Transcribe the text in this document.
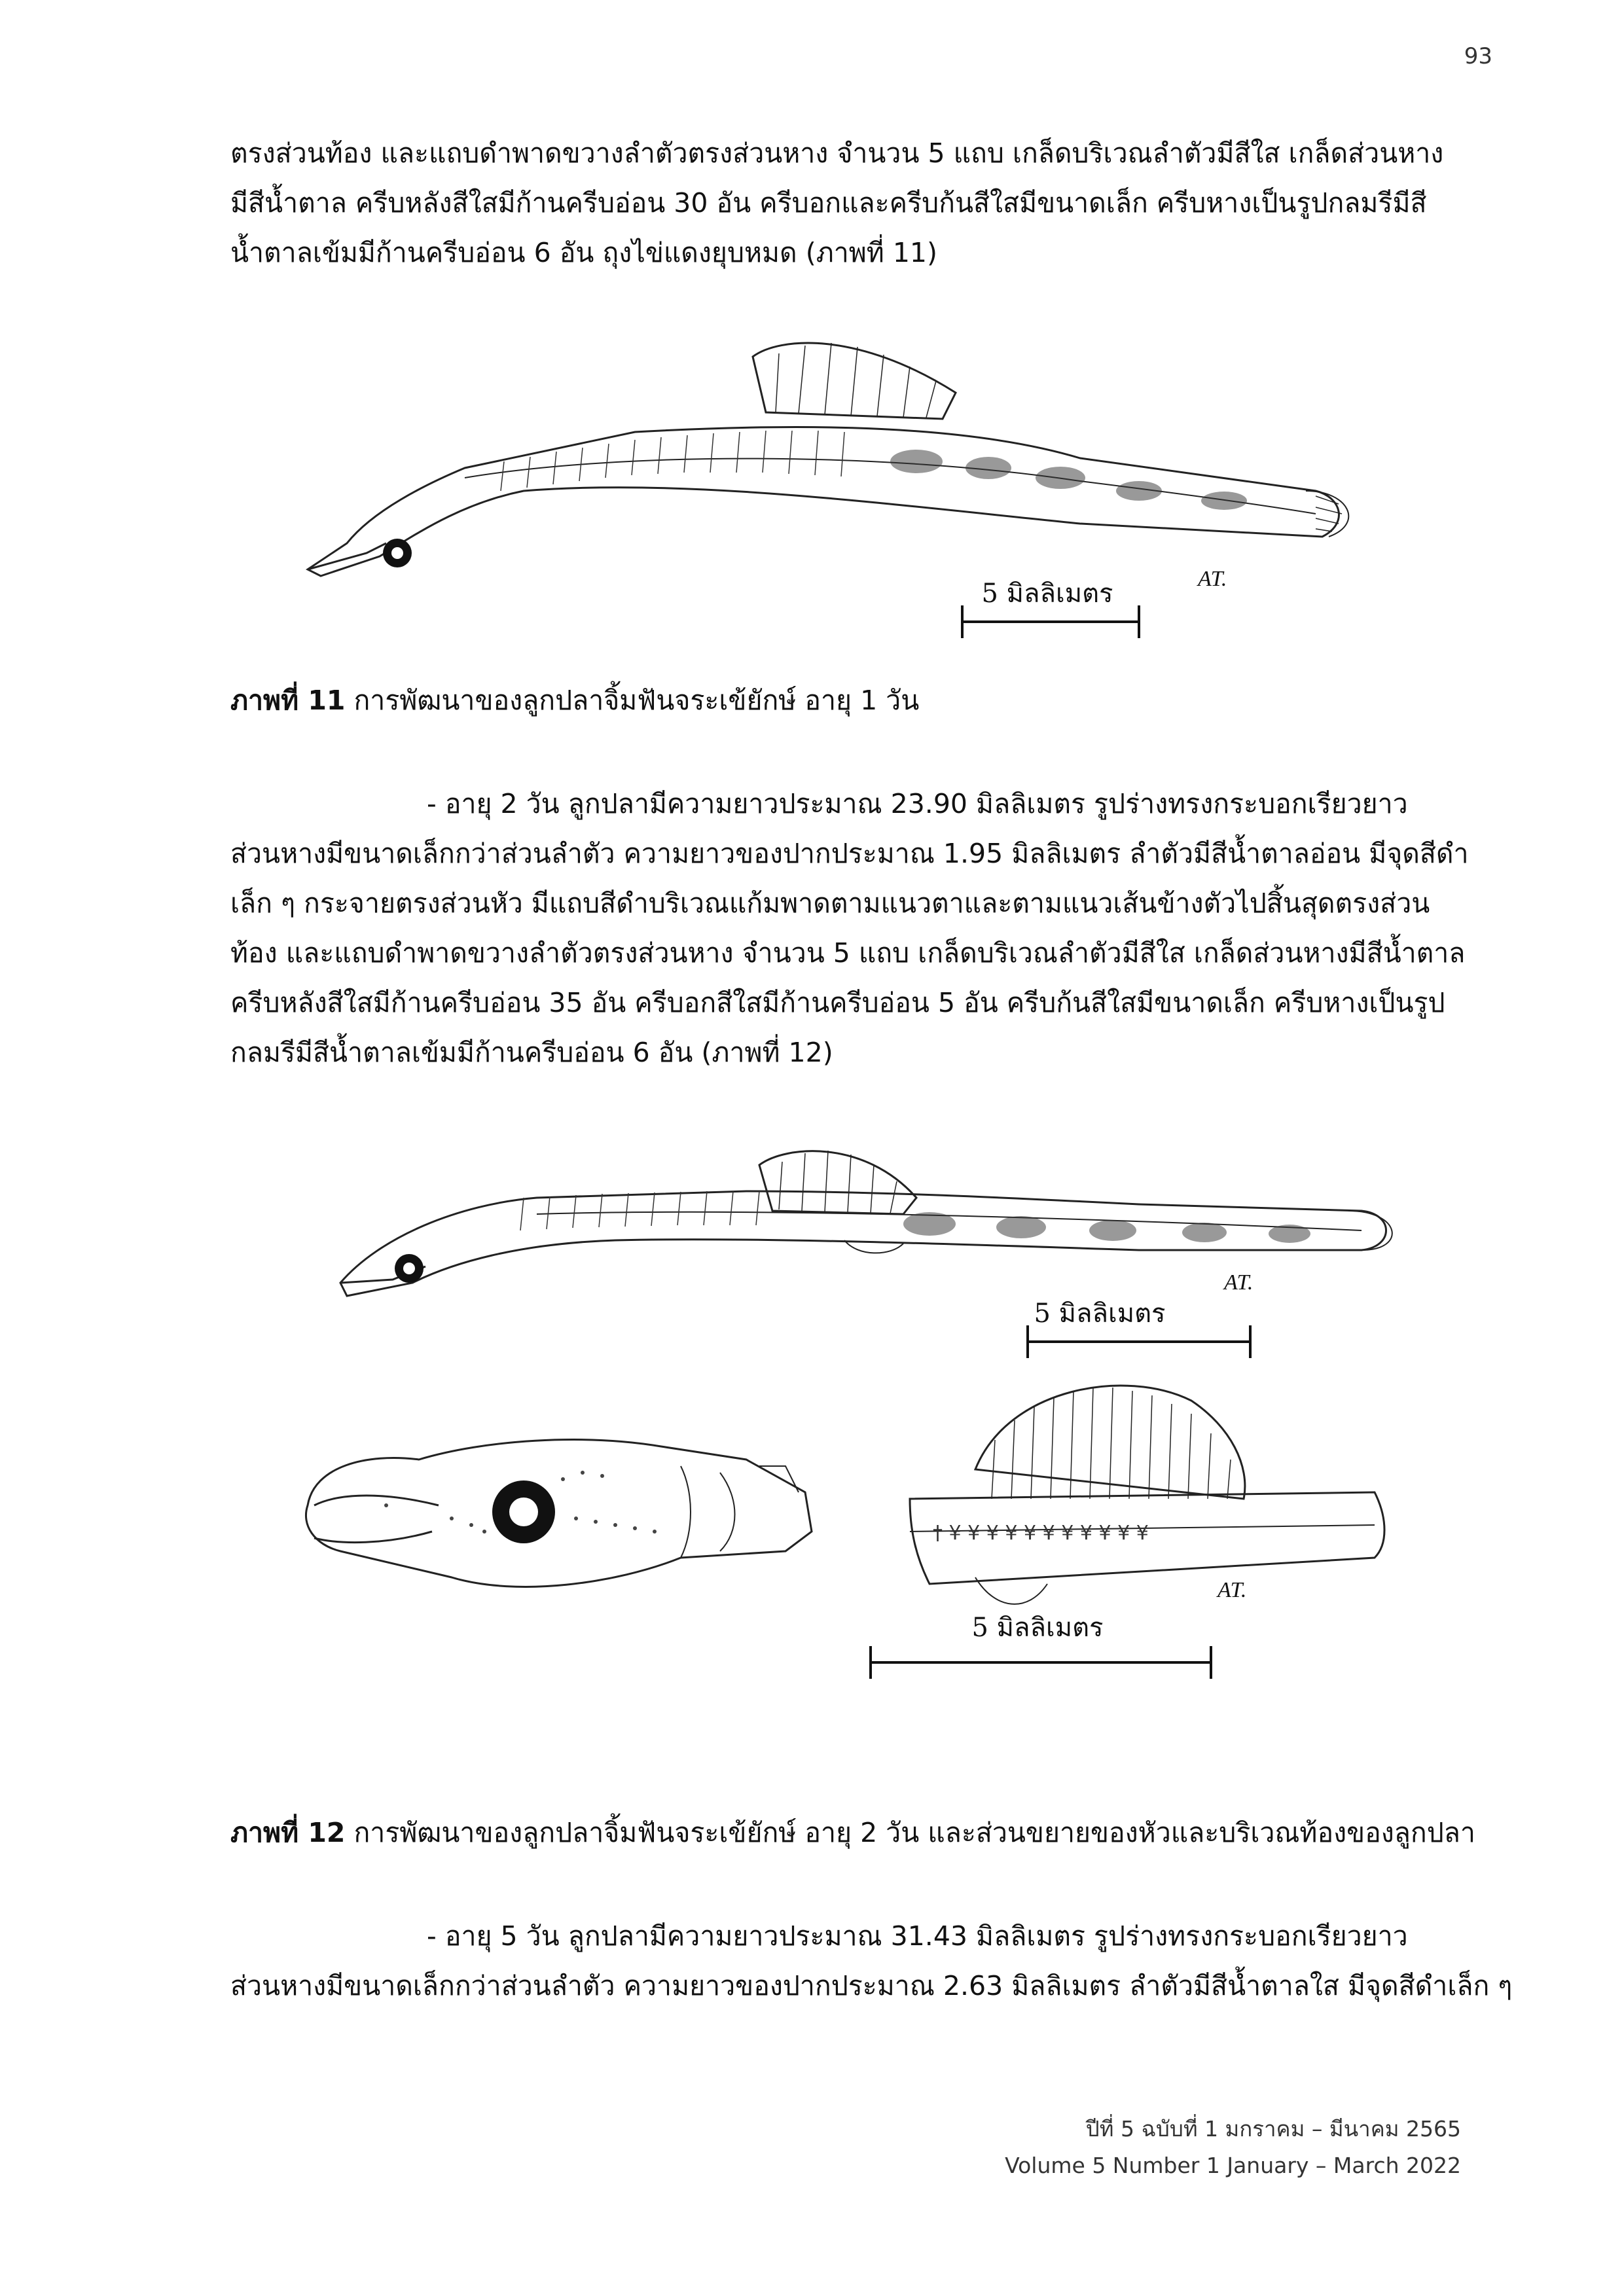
93
ตรงส่วนท้อง และแถบดำพาดขวางลำตัวตรงส่วนหาง จำนวน 5 แถบ เกล็ดบริเวณลำตัวมีสีใส เกล็ดส่วนหาง
มีสีน้ำตาล ครีบหลังสีใสมีก้านครีบอ่อน 30 อัน ครีบอกและครีบก้นสีใสมีขนาดเล็ก ครีบหางเป็นรูปกลมรีมีสี
น้ำตาลเข้มมีก้านครีบอ่อน 6 อัน ถุงไข่แดงยุบหมด (ภาพที่ 11)
AT.
5 มิลลิเมตร
ภาพที่ 11 การพัฒนาของลูกปลาจิ้มฟันจระเข้ยักษ์ อายุ 1 วัน
- อายุ 2 วัน ลูกปลามีความยาวประมาณ 23.90 มิลลิเมตร รูปร่างทรงกระบอกเรียวยาว
ส่วนหางมีขนาดเล็กกว่าส่วนลำตัว ความยาวของปากประมาณ 1.95 มิลลิเมตร ลำตัวมีสีน้ำตาลอ่อน มีจุดสีดำ
เล็ก ๆ กระจายตรงส่วนหัว มีแถบสีดำบริเวณแก้มพาดตามแนวตาและตามแนวเส้นข้างตัวไปสิ้นสุดตรงส่วน
ท้อง และแถบดำพาดขวางลำตัวตรงส่วนหาง จำนวน 5 แถบ เกล็ดบริเวณลำตัวมีสีใส เกล็ดส่วนหางมีสีน้ำตาล
ครีบหลังสีใสมีก้านครีบอ่อน 35 อัน ครีบอกสีใสมีก้านครีบอ่อน 5 อัน ครีบก้นสีใสมีขนาดเล็ก ครีบหางเป็นรูป
กลมรีมีสีน้ำตาลเข้มมีก้านครีบอ่อน 6 อัน (ภาพที่ 12)
AT.
5 มิลลิเมตร
† ¥ ¥ ¥ ¥ ¥ ¥ ¥ ¥ ¥ ¥ ¥
AT.
5 มิลลิเมตร
ภาพที่ 12 การพัฒนาของลูกปลาจิ้มฟันจระเข้ยักษ์ อายุ 2 วัน และส่วนขยายของหัวและบริเวณท้องของลูกปลา
- อายุ 5 วัน ลูกปลามีความยาวประมาณ 31.43 มิลลิเมตร รูปร่างทรงกระบอกเรียวยาว
ส่วนหางมีขนาดเล็กกว่าส่วนลำตัว ความยาวของปากประมาณ 2.63 มิลลิเมตร ลำตัวมีสีน้ำตาลใส มีจุดสีดำเล็ก ๆ
ปีที่ 5 ฉบับที่ 1 มกราคม – มีนาคม 2565
Volume 5 Number 1 January – March 2022
